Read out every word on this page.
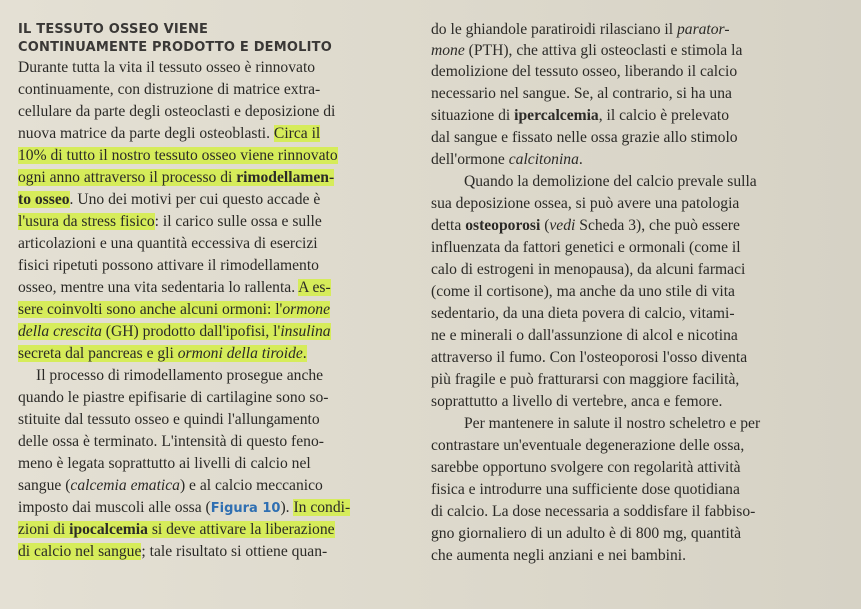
IL TESSUTO OSSEO VIENE
CONTINUAMENTE PRODOTTO E DEMOLITO
Durante tutta la vita il tessuto osseo è rinnovato
continuamente, con distruzione di matrice extra-
cellulare da parte degli osteoclasti e deposizione di
nuova matrice da parte degli osteoblasti. Circa il
10% di tutto il nostro tessuto osseo viene rinnovato
ogni anno attraverso il processo di rimodellamen-
to osseo. Uno dei motivi per cui questo accade è
l'usura da stress fisico: il carico sulle ossa e sulle
articolazioni e una quantità eccessiva di esercizi
fisici ripetuti possono attivare il rimodellamento
osseo, mentre una vita sedentaria lo rallenta. A es-
sere coinvolti sono anche alcuni ormoni: l'ormone
della crescita (GH) prodotto dall'ipofisi, l'insulina
secreta dal pancreas e gli ormoni della tiroide.
Il processo di rimodellamento prosegue anche
quando le piastre epifisarie di cartilagine sono so-
stituite dal tessuto osseo e quindi l'allungamento
delle ossa è terminato. L'intensità di questo feno-
meno è legata soprattutto ai livelli di calcio nel
sangue (calcemia ematica) e al calcio meccanico
imposto dai muscoli alle ossa (Figura 10). In condi-
zioni di ipocalcemia si deve attivare la liberazione
di calcio nel sangue; tale risultato si ottiene quan-
do le ghiandole paratiroidi rilasciano il parator-
mone (PTH), che attiva gli osteoclasti e stimola la
demolizione del tessuto osseo, liberando il calcio
necessario nel sangue. Se, al contrario, si ha una
situazione di ipercalcemia, il calcio è prelevato
dal sangue e fissato nelle ossa grazie allo stimolo
dell'ormone calcitonina.
Quando la demolizione del calcio prevale sulla
sua deposizione ossea, si può avere una patologia
detta osteoporosi (vedi Scheda 3), che può essere
influenzata da fattori genetici e ormonali (come il
calo di estrogeni in menopausa), da alcuni farmaci
(come il cortisone), ma anche da uno stile di vita
sedentario, da una dieta povera di calcio, vitami-
ne e minerali o dall'assunzione di alcol e nicotina
attraverso il fumo. Con l'osteoporosi l'osso diventa
più fragile e può fratturarsi con maggiore facilità,
soprattutto a livello di vertebre, anca e femore.
Per mantenere in salute il nostro scheletro e per
contrastare un'eventuale degenerazione delle ossa,
sarebbe opportuno svolgere con regolarità attività
fisica e introdurre una sufficiente dose quotidiana
di calcio. La dose necessaria a soddisfare il fabbiso-
gno giornaliero di un adulto è di 800 mg, quantità
che aumenta negli anziani e nei bambini.
